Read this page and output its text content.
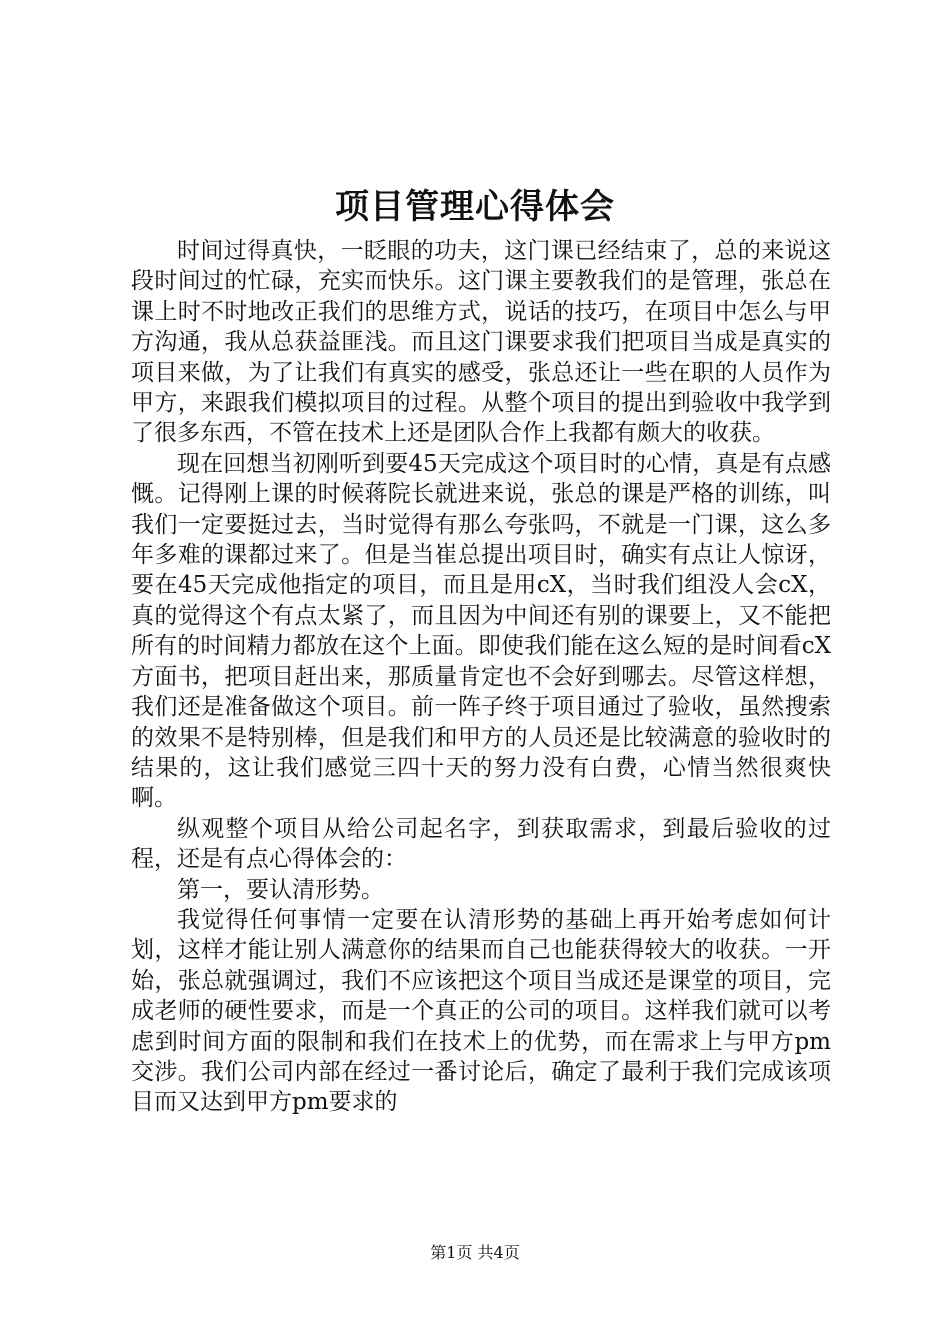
项目管理心得体会

时间过得真快，一眨眼的功夫，这门课已经结束了，总的来说这段时间过的忙碌，充实而快乐。这门课主要教我们的是管理，张总在课上时不时地改正我们的思维方式，说话的技巧，在项目中怎么与甲方沟通，我从总获益匪浅。而且这门课要求我们把项目当成是真实的项目来做，为了让我们有真实的感受，张总还让一些在职的人员作为甲方，来跟我们模拟项目的过程。从整个项目的提出到验收中我学到了很多东西，不管在技术上还是团队合作上我都有颇大的收获。

现在回想当初刚听到要45天完成这个项目时的心情，真是有点感慨。记得刚上课的时候蒋院长就进来说，张总的课是严格的训练，叫我们一定要挺过去，当时觉得有那么夸张吗，不就是一门课，这么多年多难的课都过来了。但是当崔总提出项目时，确实有点让人惊讶，要在45天完成他指定的项目，而且是用cX，当时我们组没人会cX，真的觉得这个有点太紧了，而且因为中间还有别的课要上，又不能把所有的时间精力都放在这个上面。即使我们能在这么短的是时间看cX方面书，把项目赶出来，那质量肯定也不会好到哪去。尽管这样想，我们还是准备做这个项目。前一阵子终于项目通过了验收，虽然搜索的效果不是特别棒，但是我们和甲方的人员还是比较满意的验收时的结果的，这让我们感觉三四十天的努力没有白费，心情当然很爽快啊。

纵观整个项目从给公司起名字，到获取需求，到最后验收的过程，还是有点心得体会的：

第一，要认清形势。

我觉得任何事情一定要在认清形势的基础上再开始考虑如何计划，这样才能让别人满意你的结果而自己也能获得较大的收获。一开始，张总就强调过，我们不应该把这个项目当成还是课堂的项目，完成老师的硬性要求，而是一个真正的公司的项目。这样我们就可以考虑到时间方面的限制和我们在技术上的优势，而在需求上与甲方pm交涉。我们公司内部在经过一番讨论后，确定了最利于我们完成该项目而又达到甲方pm要求的

第1页 共4页
